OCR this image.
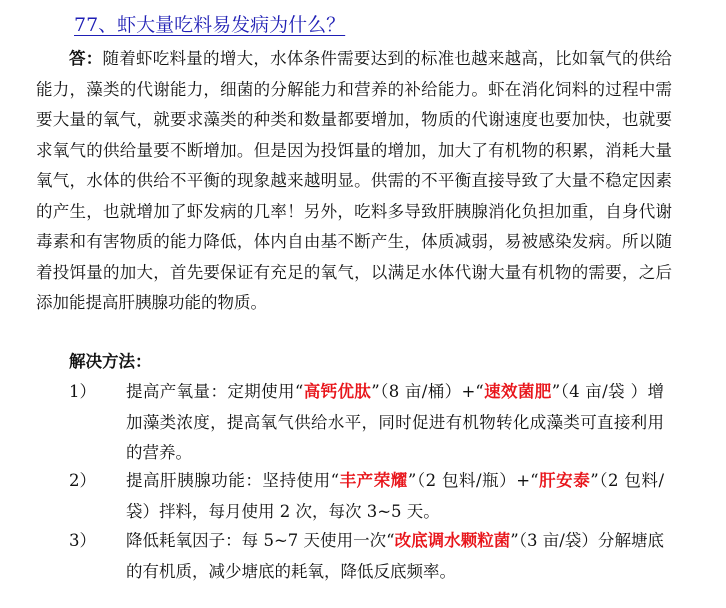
77、虾大量吃料易发病为什么？

答：随着虾吃料量的增大，水体条件需要达到的标准也越来越高，比如氧气的供给能力，藻类的代谢能力，细菌的分解能力和营养的补给能力。虾在消化饲料的过程中需要大量的氧气，就要求藻类的种类和数量都要增加，物质的代谢速度也要加快，也就要求氧气的供给量要不断增加。但是因为投饵量的增加，加大了有机物的积累，消耗大量氧气，水体的供给不平衡的现象越来越明显。供需的不平衡直接导致了大量不稳定因素的产生，也就增加了虾发病的几率！另外，吃料多导致肝胰腺消化负担加重，自身代谢毒素和有害物质的能力降低，体内自由基不断产生，体质减弱，易被感染发病。所以随着投饵量的加大，首先要保证有充足的氧气，以满足水体代谢大量有机物的需要，之后添加能提高肝胰腺功能的物质。

解决方法：
1） 提高产氧量：定期使用“高钙优肽”（8 亩/桶）+“速效菌肥”（4 亩/袋 ）增加藻类浓度，提高氧气供给水平，同时促进有机物转化成藻类可直接利用的营养。
2） 提高肝胰腺功能：坚持使用“丰产荣耀”（2 包料/瓶）+“肝安泰”（2 包料/袋）拌料，每月使用 2 次，每次 3~5 天。
3） 降低耗氧因子：每 5~7 天使用一次“改底调水颗粒菌”（3 亩/袋）分解塘底的有机质，减少塘底的耗氧，降低反底频率。
